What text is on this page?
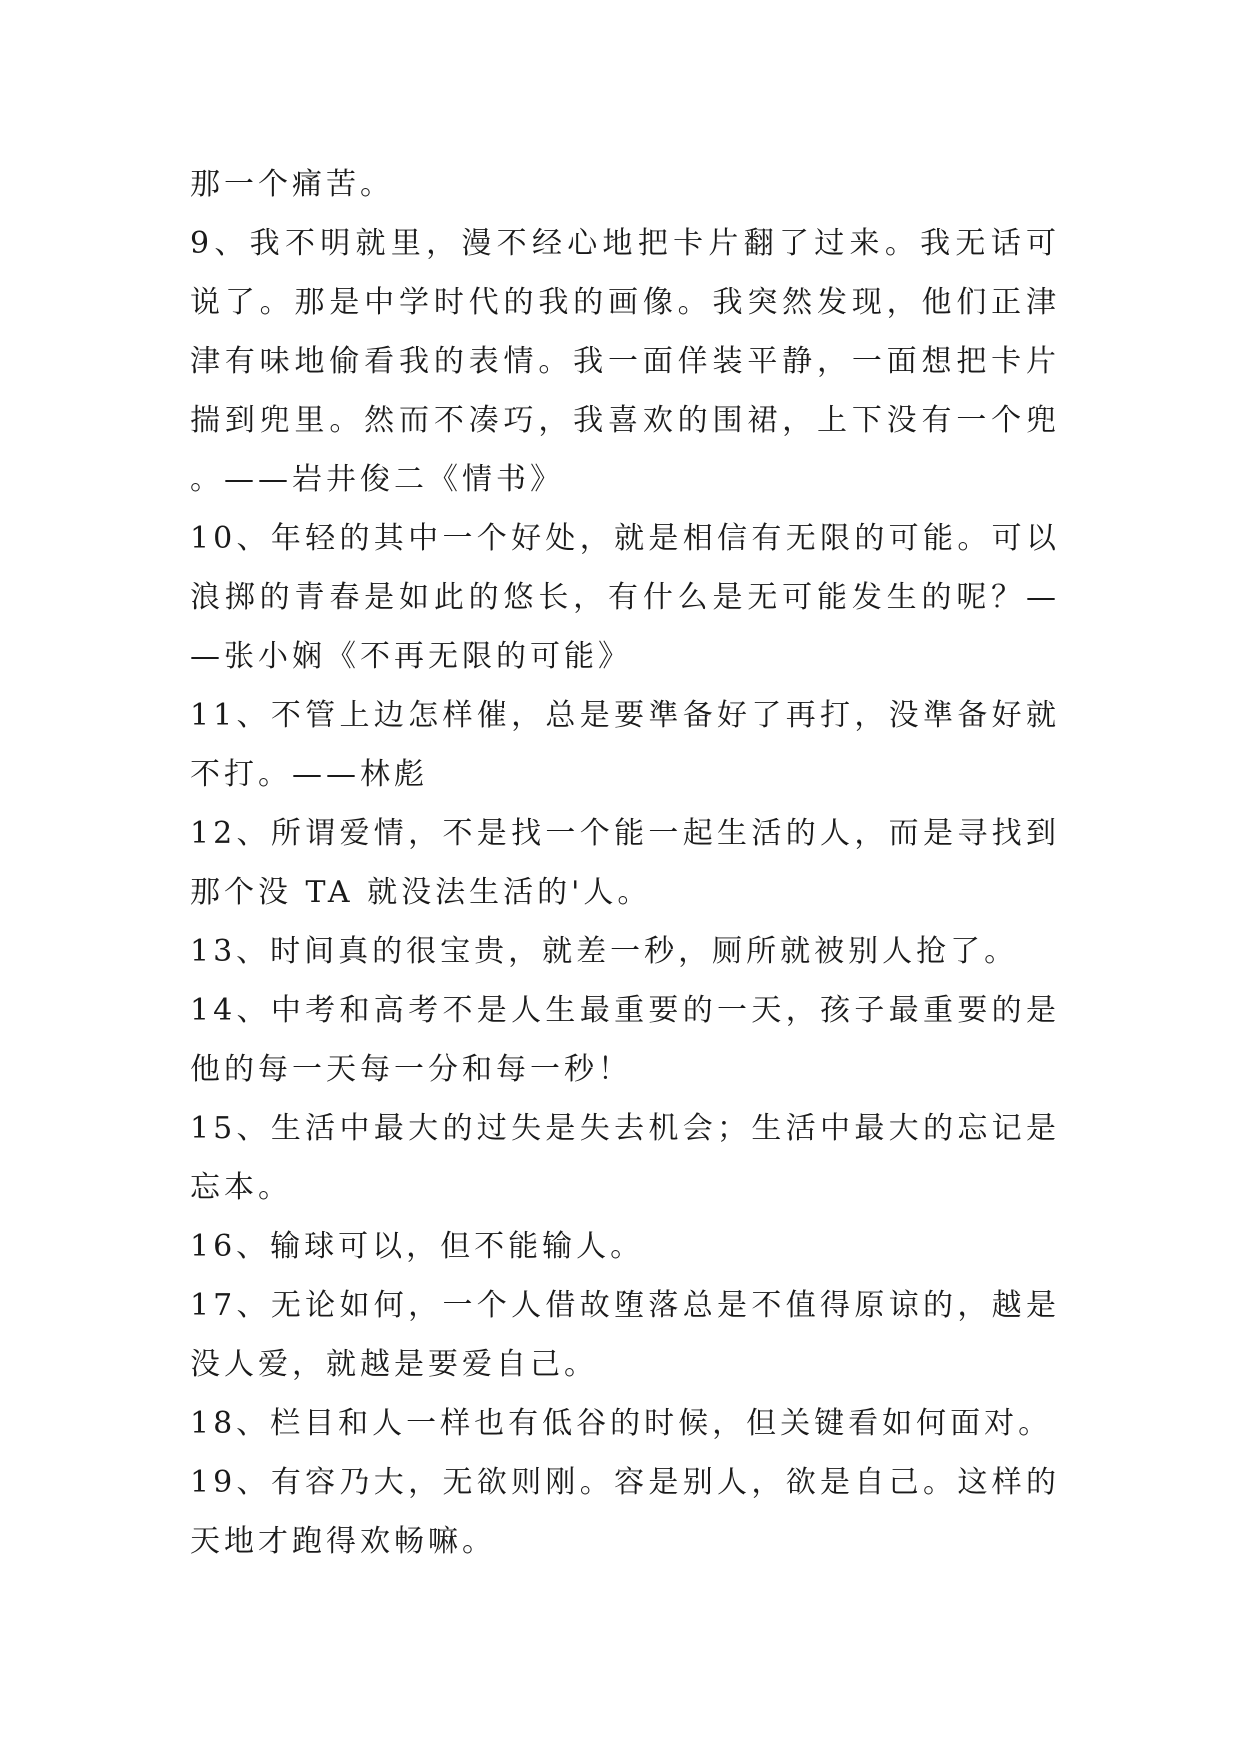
那一个痛苦。

9、我不明就里，漫不经心地把卡片翻了过来。我无话可说了。那是中学时代的我的画像。我突然发现，他们正津津有味地偷看我的表情。我一面佯装平静，一面想把卡片揣到兜里。然而不凑巧，我喜欢的围裙，上下没有一个兜。——岩井俊二《情书》

10、年轻的其中一个好处，就是相信有无限的可能。可以浪掷的青春是如此的悠长，有什么是无可能发生的呢？——张小娴《不再无限的可能》

11、不管上边怎样催，总是要準备好了再打，没準备好就不打。——林彪

12、所谓爱情，不是找一个能一起生活的人，而是寻找到那个没 TA 就没法生活的'人。

13、时间真的很宝贵，就差一秒，厕所就被别人抢了。

14、中考和高考不是人生最重要的一天，孩子最重要的是他的每一天每一分和每一秒！

15、生活中最大的过失是失去机会；生活中最大的忘记是忘本。

16、输球可以，但不能输人。

17、无论如何，一个人借故堕落总是不值得原谅的，越是没人爱，就越是要爱自己。

18、栏目和人一样也有低谷的时候，但关键看如何面对。

19、有容乃大，无欲则刚。容是别人，欲是自己。这样的天地才跑得欢畅嘛。
